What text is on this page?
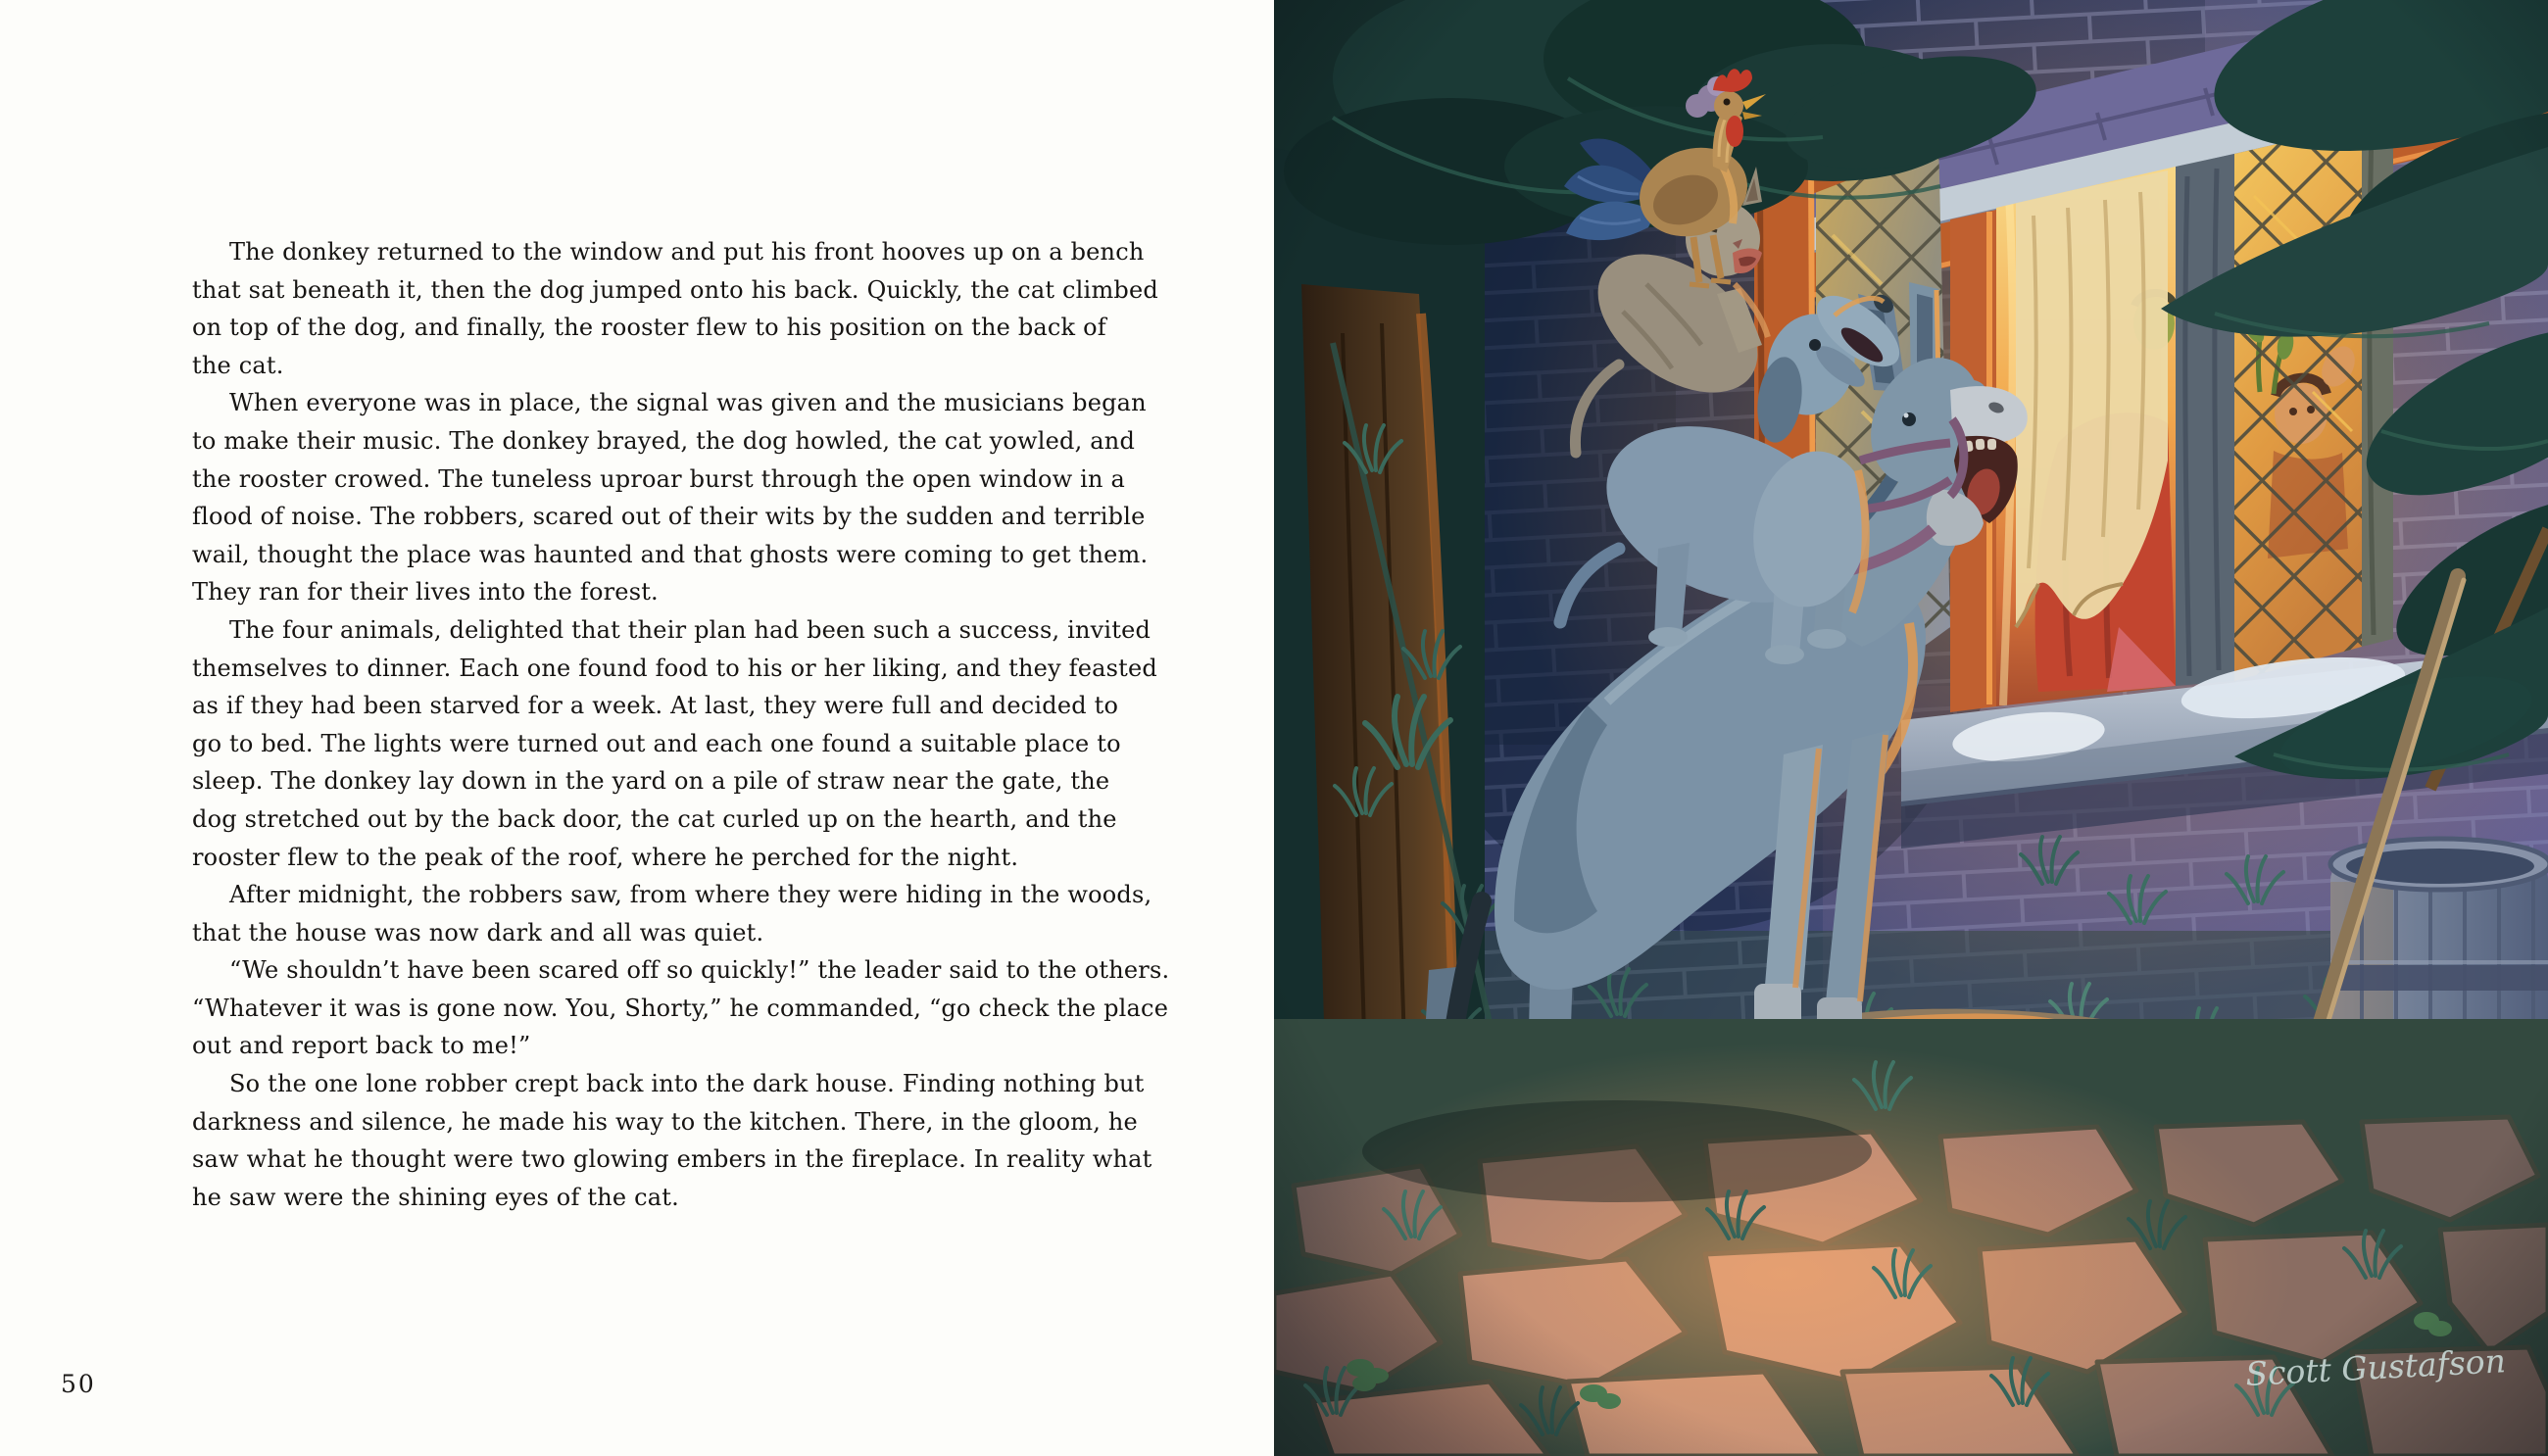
The donkey returned to the window and put his front hooves up on a bench
that sat beneath it, then the dog jumped onto his back. Quickly, the cat climbed
on top of the dog, and finally, the rooster flew to his position on the back of
the cat.

When everyone was in place, the signal was given and the musicians began
to make their music. The donkey brayed, the dog howled, the cat yowled, and
the rooster crowed. The tuneless uproar burst through the open window in a
flood of noise. The robbers, scared out of their wits by the sudden and terrible
wail, thought the place was haunted and that ghosts were coming to get them.
They ran for their lives into the forest.

The four animals, delighted that their plan had been such a success, invited
themselves to dinner. Each one found food to his or her liking, and they feasted
as if they had been starved for a week. At last, they were full and decided to
go to bed. The lights were turned out and each one found a suitable place to
sleep. The donkey lay down in the yard on a pile of straw near the gate, the
dog stretched out by the back door, the cat curled up on the hearth, and the
rooster flew to the peak of the roof, where he perched for the night.

After midnight, the robbers saw, from where they were hiding in the woods,
that the house was now dark and all was quiet.

“We shouldn’t have been scared off so quickly!” the leader said to the others.
“Whatever it was is gone now. You, Shorty,” he commanded, “go check the place
out and report back to me!”

So the one lone robber crept back into the dark house. Finding nothing but
darkness and silence, he made his way to the kitchen. There, in the gloom, he
saw what he thought were two glowing embers in the fireplace. In reality what
he saw were the shining eyes of the cat.

50	Scott Gustafson
